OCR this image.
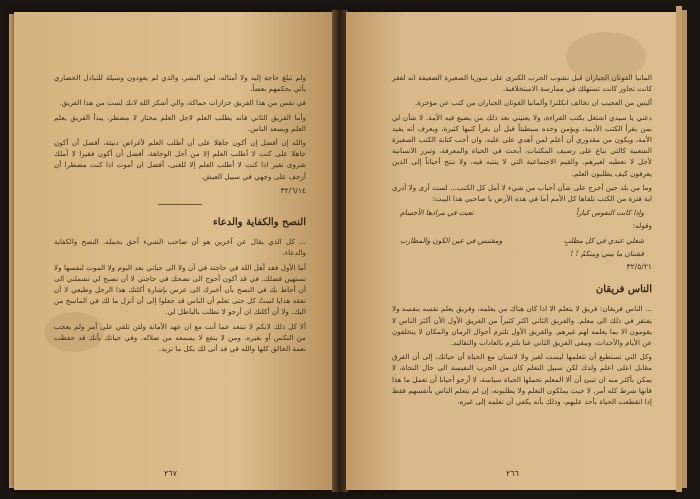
ولم تبلغ حاجة إليه ولا أمثاله، لمن البشر، والذي لم يعودون وسيلة للتبادل الحضاري يأتي بحكمهم بعضاً.

في نفس من هذا الفريق حزازات حماكة، والي أشكر الله لانك لست من هذا الفريق.

وأما الفريق الثاني فانه يطلب العلم لاجل العلم مختار لا مضطر. يبدأ الفريق يعلم العلم ويسعد الناس.

والله إن أفضل إن أكون جاهلا على أن أطلب العلم لأغراض دنيئة، أفضل أن أكون جاهلا على كنت لا أطلب العلم إلا من أجل الوجاهة، أفضل أن أكون فقيرا لا أملك شروى نقير اذا كنت لا أطلب العلم إلا للغنى، أفضل ان أموت اذا كنت مضطرا أن أزحف على وجهي في سبيل العيش.

٣٢/٦/١٤
النصح والكفاية والدعاء

... كل الذي يقال عن آخرين هو أن صاحب الشيء أحق بحمله. النصح والكفاية والدعاء.

أما الأول فقد أهل الله في حاجته في آن ولا الى حياتي بعد اليوم ولا الموت لنفسها ولا تستهين فضلك. في قد أكون أحوج الى نصحك في حاجتي لا أن تصبح لي تشملني الى أن أحاط بك في النصح بأن أخبرك الى عرس بإشارة أكلتك هذا الرجل وطبعي لا أن تفقه هدايا لستُ كل حتى تعلم أن الناس قد جعلوا إلى أن أنزل ما لك في الماسح من اليك. ولا أن أكلتك ان أرجو لا تطلب بالباطل لي.

ألا كل ذلك لانكم لا تبتعد عما أنت مع ان عهد الأمانة ولئن تلقي على أمر ولم يعجب من النكس أو بغيره. ومن لا ينفع لا يسمعه من ضلاله. وفي حياتك بأنك قد حفظت نعمة الخالق كلها والله في قد أتى لك بكل ما تريد.

٢٦٧

المانيا القوتان الجباران قبل نشوب الحرب الكبرى على سوريا الصغيرة الضعيفة انه لفقر كانت تجاوز كانت تستهلك في ممارسة الاستخلافية.

أليس من العجيب ان تخالف انكلترا وألمانيا القوتان الجباران من كتب عن مؤخرة.

دعني يا سيدي اشتغل بكتب القراءة، ولا يعنيني بعد ذلك من يضيع فيه الأمة. لا شأن لي بمن يقرأ الكتب الأدبية، ويؤمن وحده سيطيئاً قبل أن يقرأ كتبها كثيرة، ويعرف أنه يفيد الأمة، ويكون من مقدوري أن أعلم لمن أهدي على عليه. وان أحب كتابة الكتب الصغيرة الشعبية كالتي تباع على رصيف المكتبات، أبحث في الحياة والمعرفة، وتبرز الانسانية لأجل لا نعطيه لغيرهم. والقيم الاجتماعية التي لا ينتبه فيه، ولا ننتج أحياناً إلى الذين يعرفون كيف يطلبون العلم.

وما من بلد حين أخرج على شأن أحباب من شيء لا أمل كل الكتب... لست أرى ولا أدرى اية فترة من الكتب تلقاها كل الأمم أما في هذه الأرض يا صاحبي هذا البيت:

وإذا كانت النفوس كباراً
تعبت في مرادها الأجسام

وقوله:

شغلي عندي في كل مطلبٍ
ومقتبس في عين الكون والمطارب
فشتان ما بيني وبينكمُ ! !
٣٢/٥/٢١
الناس فريقان

... الناس فريقان: فريق لا يتعلم الا اذا كان هناك من يعلمه، وفريق يعلم نفسه بنفسه ولا يفتقر في ذلك الى معلم. والفريق الثاني اكثر كثيراً من الفريق الأول الأن أكثر الناس لا يقومون الا بما يعلمه لهم غيرهم. والفريق الأول تلتزم أحوال الزمان والمكان لا يتخلفون عن الأيام والأحداث، ويبقى الفريق الثاني عنا يلتزم بالعادات والتقاليد.

وكل التي تستطيع أن تتعلمها ليست لغير ولا لانسان مع الحياة أن حياتك، إلى أن الفرق مقابل اعلى اعلم ولدك لكن سبيل التعلم كان من الحرب النفيسة الى حال النجاة، لا يمكن بأكثر منه ان تنبئ أن ألا المعلم تحملها الحياة سياسة، لا أرجو أحيانا أن تعمل ما هذا فانها شرط كله أمر. لا حيث يملكون التعلم ولا يطلبونه، إن لم يتعلم الناس بأنفسهم فقط إذا انقطعت الحياة بأحد عليهم، وذلك بأنه يكفي أن تعلمه إلى غيره.

٢٦٦
